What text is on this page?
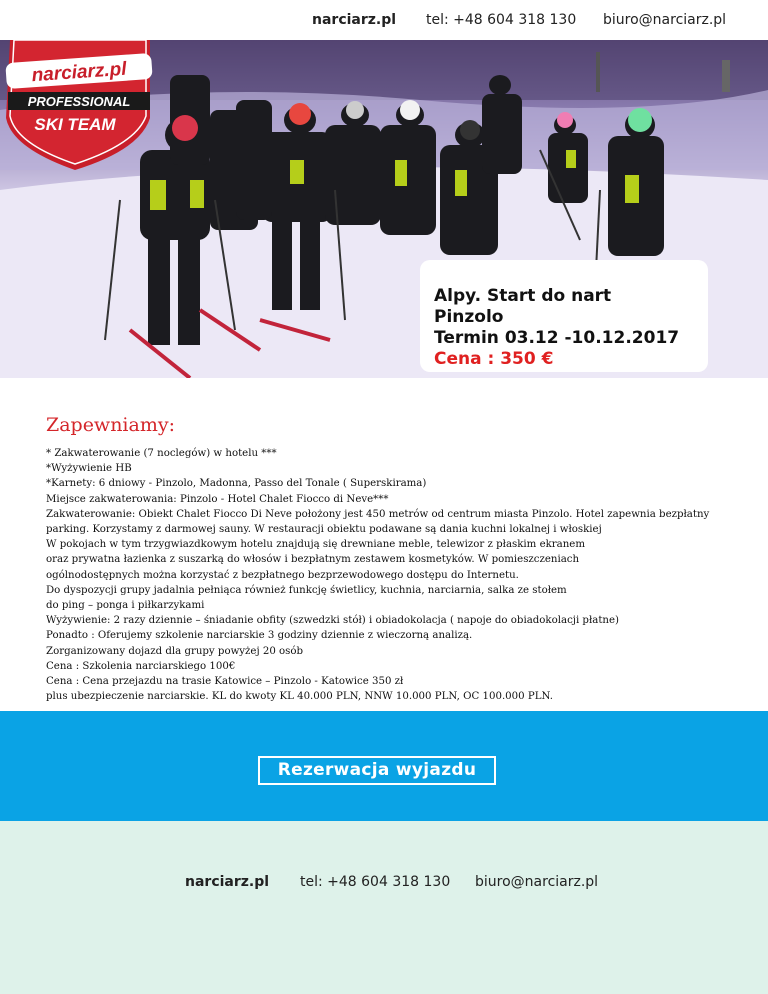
narciarz.pl tel: +48 604 318 130 biuro@narciarz.pl
narciarz.pl
PROFESSIONAL
SKI TEAM
Alpy. Start do nart
Pinzolo
Termin 03.12 -10.12.2017
Cena : 350 €
Zapewniamy:
* Zakwaterowanie (7 noclegów) w hotelu ***
*Wyżywienie HB
*Karnety: 6 dniowy - Pinzolo, Madonna, Passo del Tonale ( Superskirama)
Miejsce zakwaterowania: Pinzolo - Hotel Chalet Fiocco di Neve***
Zakwaterowanie: Obiekt Chalet Fiocco Di Neve położony jest 450 metrów od centrum miasta Pinzolo. Hotel zapewnia bezpłatny
parking. Korzystamy z darmowej sauny. W restauracji obiektu podawane są dania kuchni lokalnej i włoskiej
W pokojach w tym trzygwiazdkowym hotelu znajdują się drewniane meble, telewizor z płaskim ekranem
oraz prywatna łazienka z suszarką do włosów i bezpłatnym zestawem kosmetyków. W pomieszczeniach
ogólnodostępnych można korzystać z bezpłatnego bezprzewodowego dostępu do Internetu.
Do dyspozycji grupy jadalnia pełniąca również funkcję świetlicy, kuchnia, narciarnia, salka ze stołem
do ping – ponga i piłkarzykami
Wyżywienie: 2 razy dziennie – śniadanie obfity (szwedzki stół) i obiadokolacja ( napoje do obiadokolacji płatne)
Ponadto : Oferujemy szkolenie narciarskie 3 godziny dziennie z wieczorną analizą.
Zorganizowany dojazd dla grupy powyżej 20 osób
Cena : Szkolenia narciarskiego 100€
Cena : Cena przejazdu na trasie Katowice – Pinzolo - Katowice 350 zł
plus ubezpieczenie narciarskie. KL do kwoty KL 40.000 PLN, NNW 10.000 PLN, OC 100.000 PLN.
Rezerwacja wyjazdu
narciarz.pl tel: +48 604 318 130 biuro@narciarz.pl
